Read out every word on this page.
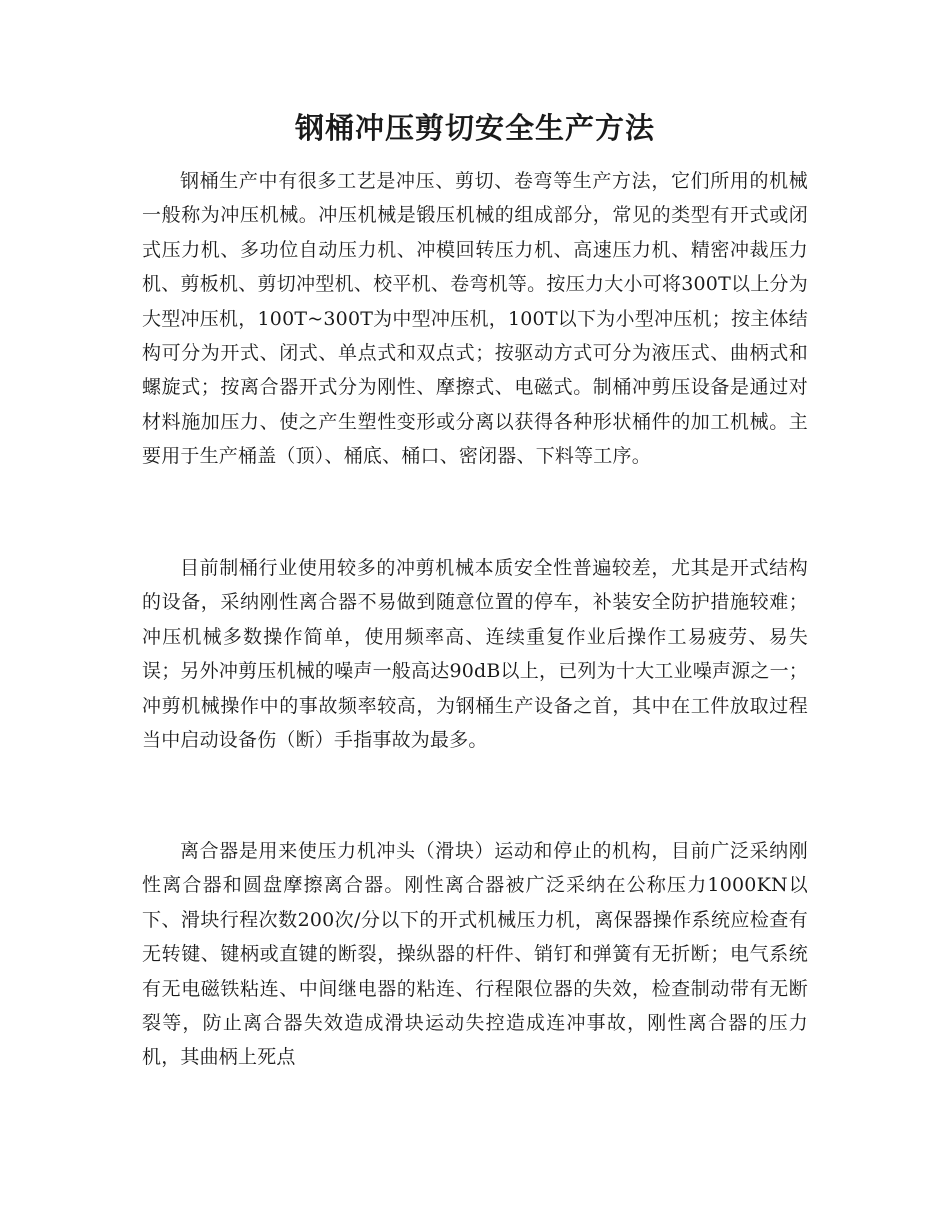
钢桶冲压剪切安全生产方法

钢桶生产中有很多工艺是冲压、剪切、卷弯等生产方法，它们所用的机械一般称为冲压机械。冲压机械是锻压机械的组成部分，常见的类型有开式或闭式压力机、多功位自动压力机、冲模回转压力机、高速压力机、精密冲裁压力机、剪板机、剪切冲型机、校平机、卷弯机等。按压力大小可将300T以上分为大型冲压机，100T~300T为中型冲压机，100T以下为小型冲压机；按主体结构可分为开式、闭式、单点式和双点式；按驱动方式可分为液压式、曲柄式和螺旋式；按离合器开式分为刚性、摩擦式、电磁式。制桶冲剪压设备是通过对材料施加压力、使之产生塑性变形或分离以获得各种形状桶件的加工机械。主要用于生产桶盖（顶）、桶底、桶口、密闭器、下料等工序。

目前制桶行业使用较多的冲剪机械本质安全性普遍较差，尤其是开式结构的设备，采纳刚性离合器不易做到随意位置的停车，补装安全防护措施较难；冲压机械多数操作简单，使用频率高、连续重复作业后操作工易疲劳、易失误；另外冲剪压机械的噪声一般高达90dB以上，已列为十大工业噪声源之一；冲剪机械操作中的事故频率较高，为钢桶生产设备之首，其中在工件放取过程当中启动设备伤（断）手指事故为最多。

离合器是用来使压力机冲头（滑块）运动和停止的机构，目前广泛采纳刚性离合器和圆盘摩擦离合器。刚性离合器被广泛采纳在公称压力1000KN以下、滑块行程次数200次/分以下的开式机械压力机，离保器操作系统应检查有无转键、键柄或直键的断裂，操纵器的杆件、销钉和弹簧有无折断；电气系统有无电磁铁粘连、中间继电器的粘连、行程限位器的失效，检查制动带有无断裂等，防止离合器失效造成滑块运动失控造成连冲事故，刚性离合器的压力机，其曲柄上死点
